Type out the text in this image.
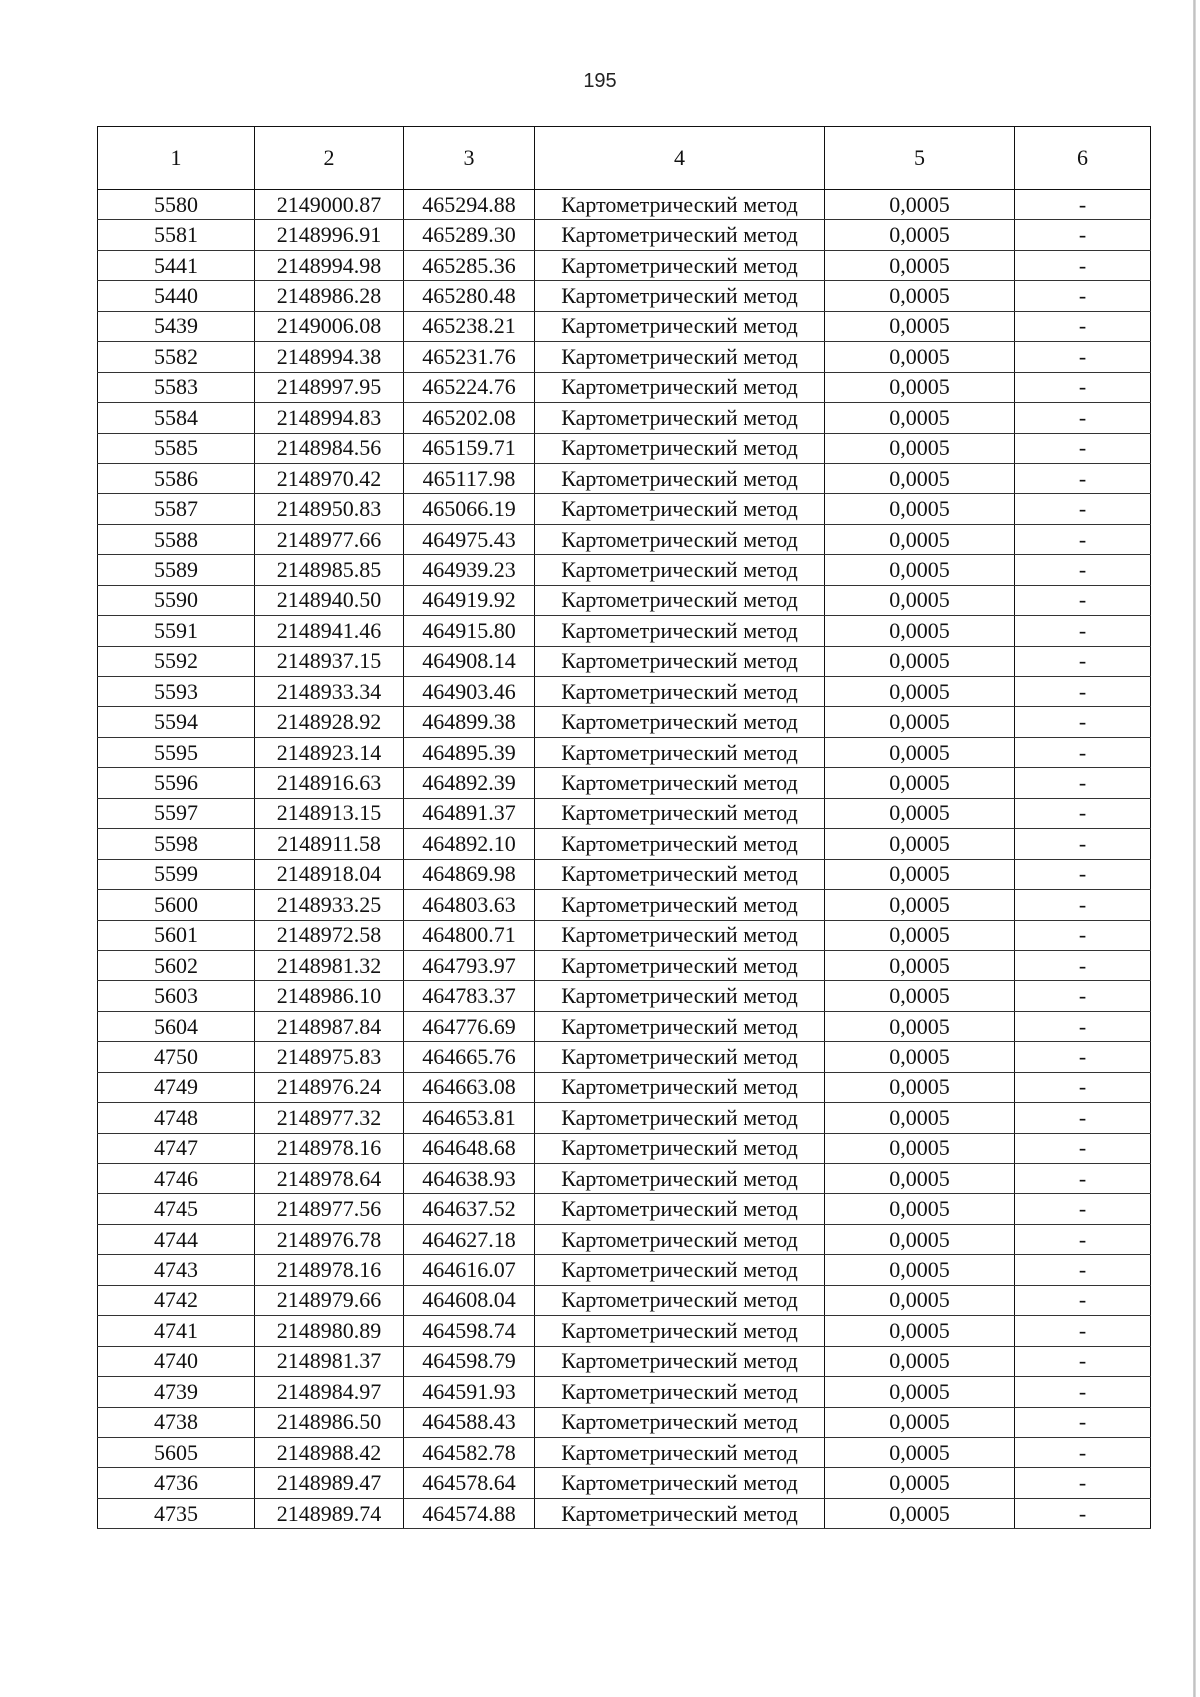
195
1	2	3	4	5	6
5580	2149000.87	465294.88	Картометрический метод	0,0005	-
5581	2148996.91	465289.30	Картометрический метод	0,0005	-
5441	2148994.98	465285.36	Картометрический метод	0,0005	-
5440	2148986.28	465280.48	Картометрический метод	0,0005	-
5439	2149006.08	465238.21	Картометрический метод	0,0005	-
5582	2148994.38	465231.76	Картометрический метод	0,0005	-
5583	2148997.95	465224.76	Картометрический метод	0,0005	-
5584	2148994.83	465202.08	Картометрический метод	0,0005	-
5585	2148984.56	465159.71	Картометрический метод	0,0005	-
5586	2148970.42	465117.98	Картометрический метод	0,0005	-
5587	2148950.83	465066.19	Картометрический метод	0,0005	-
5588	2148977.66	464975.43	Картометрический метод	0,0005	-
5589	2148985.85	464939.23	Картометрический метод	0,0005	-
5590	2148940.50	464919.92	Картометрический метод	0,0005	-
5591	2148941.46	464915.80	Картометрический метод	0,0005	-
5592	2148937.15	464908.14	Картометрический метод	0,0005	-
5593	2148933.34	464903.46	Картометрический метод	0,0005	-
5594	2148928.92	464899.38	Картометрический метод	0,0005	-
5595	2148923.14	464895.39	Картометрический метод	0,0005	-
5596	2148916.63	464892.39	Картометрический метод	0,0005	-
5597	2148913.15	464891.37	Картометрический метод	0,0005	-
5598	2148911.58	464892.10	Картометрический метод	0,0005	-
5599	2148918.04	464869.98	Картометрический метод	0,0005	-
5600	2148933.25	464803.63	Картометрический метод	0,0005	-
5601	2148972.58	464800.71	Картометрический метод	0,0005	-
5602	2148981.32	464793.97	Картометрический метод	0,0005	-
5603	2148986.10	464783.37	Картометрический метод	0,0005	-
5604	2148987.84	464776.69	Картометрический метод	0,0005	-
4750	2148975.83	464665.76	Картометрический метод	0,0005	-
4749	2148976.24	464663.08	Картометрический метод	0,0005	-
4748	2148977.32	464653.81	Картометрический метод	0,0005	-
4747	2148978.16	464648.68	Картометрический метод	0,0005	-
4746	2148978.64	464638.93	Картометрический метод	0,0005	-
4745	2148977.56	464637.52	Картометрический метод	0,0005	-
4744	2148976.78	464627.18	Картометрический метод	0,0005	-
4743	2148978.16	464616.07	Картометрический метод	0,0005	-
4742	2148979.66	464608.04	Картометрический метод	0,0005	-
4741	2148980.89	464598.74	Картометрический метод	0,0005	-
4740	2148981.37	464598.79	Картометрический метод	0,0005	-
4739	2148984.97	464591.93	Картометрический метод	0,0005	-
4738	2148986.50	464588.43	Картометрический метод	0,0005	-
5605	2148988.42	464582.78	Картометрический метод	0,0005	-
4736	2148989.47	464578.64	Картометрический метод	0,0005	-
4735	2148989.74	464574.88	Картометрический метод	0,0005	-
